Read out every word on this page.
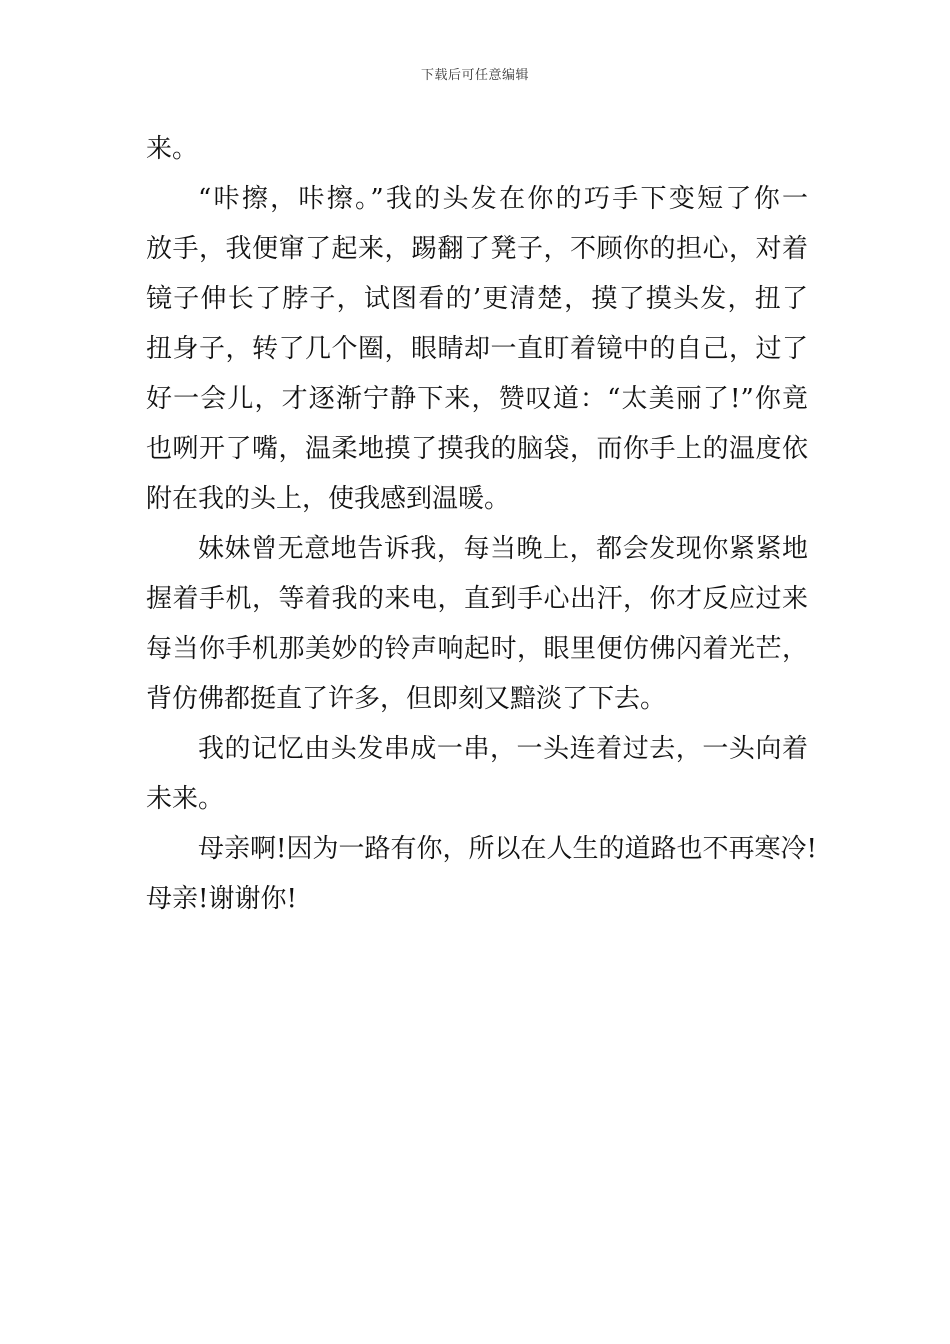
下载后可任意编辑
来。
“咔擦，咔擦。”我的头发在你的巧手下变短了你一
放手，我便窜了起来，踢翻了凳子，不顾你的担心，对着
镜子伸长了脖子，试图看的’更清楚，摸了摸头发，扭了
扭身子，转了几个圈，眼睛却一直盯着镜中的自己，过了
好一会儿，才逐渐宁静下来，赞叹道：“太美丽了!”你竟
也咧开了嘴，温柔地摸了摸我的脑袋，而你手上的温度依
附在我的头上，使我感到温暖。
妹妹曾无意地告诉我，每当晚上，都会发现你紧紧地
握着手机，等着我的来电，直到手心出汗，你才反应过来
每当你手机那美妙的铃声响起时，眼里便仿佛闪着光芒，
背仿佛都挺直了许多，但即刻又黯淡了下去。
我的记忆由头发串成一串，一头连着过去，一头向着
未来。
母亲啊!因为一路有你，所以在人生的道路也不再寒冷!
母亲!谢谢你!
